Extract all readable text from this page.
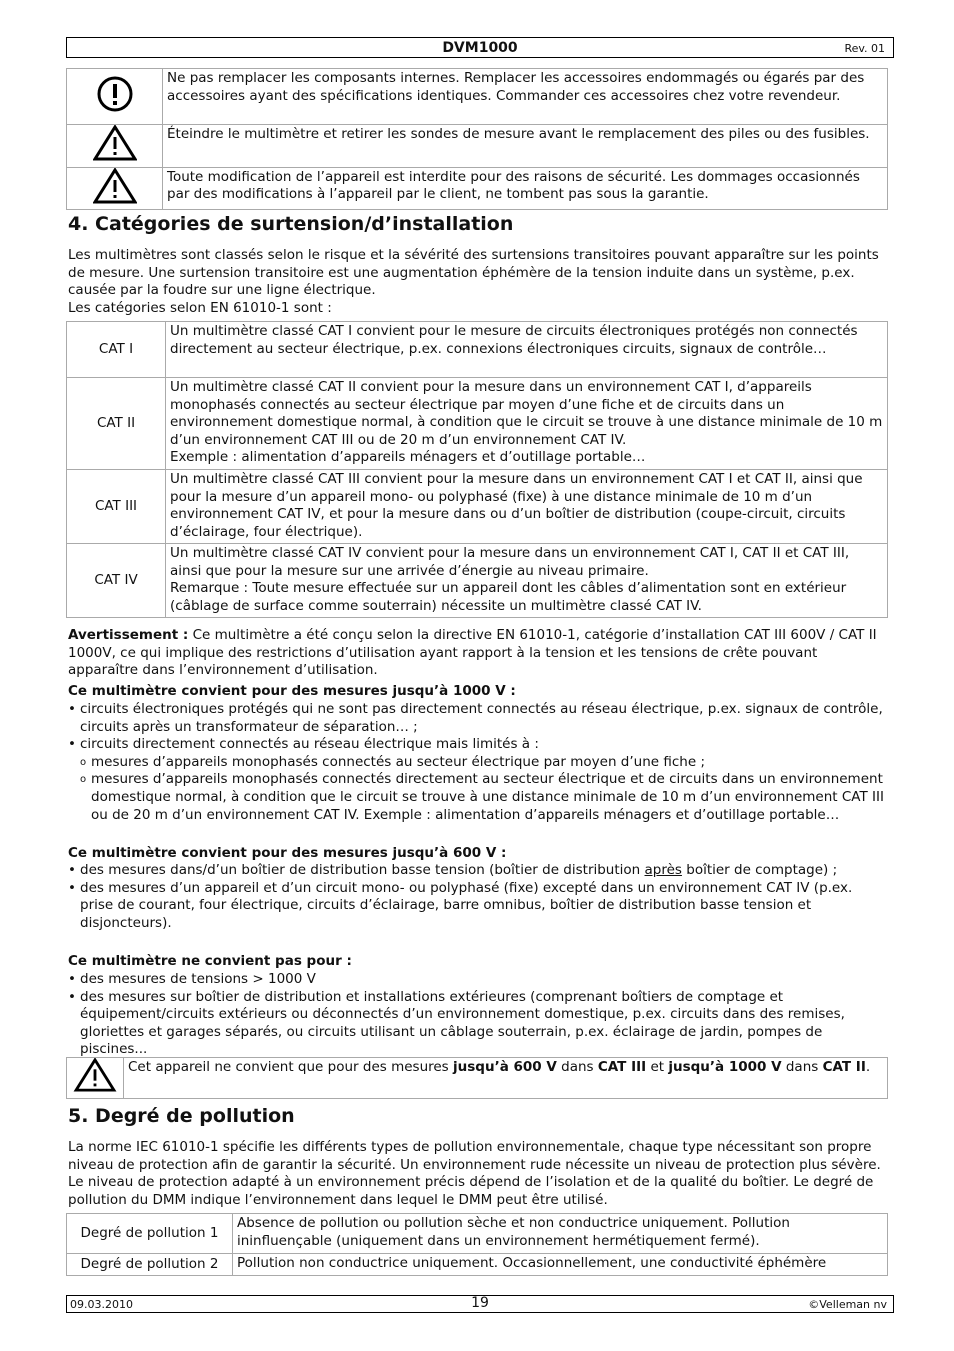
DVM1000	Rev. 01
	Ne pas remplacer les composants internes. Remplacer les accessoires endommagés ou égarés par des accessoires ayant des spécifications identiques. Commander ces accessoires chez votre revendeur.
	Éteindre le multimètre et retirer les sondes de mesure avant le remplacement des piles ou des fusibles.
	Toute modification de l’appareil est interdite pour des raisons de sécurité. Les dommages occasionnés par des modifications à l’appareil par le client, ne tombent pas sous la garantie.
4. Catégories de surtension/d’installation

Les multimètres sont classés selon le risque et la sévérité des surtensions transitoires pouvant apparaître sur les points de mesure. Une surtension transitoire est une augmentation éphémère de la tension induite dans un système, p.ex. causée par la foudre sur une ligne électrique.

Les catégories selon EN 61010-1 sont :

CAT I	Un multimètre classé CAT I convient pour le mesure de circuits électroniques protégés non connectés directement au secteur électrique, p.ex. connexions électroniques circuits, signaux de contrôle…
CAT II	Un multimètre classé CAT II convient pour la mesure dans un environnement CAT I, d’appareils monophasés connectés au secteur électrique par moyen d’une fiche et de circuits dans un environnement domestique normal, à condition que le circuit se trouve à une distance minimale de 10 m d’un environnement CAT III ou de 20 m d’un environnement CAT IV.
Exemple : alimentation d’appareils ménagers et d’outillage portable…
CAT III	Un multimètre classé CAT III convient pour la mesure dans un environnement CAT I et CAT II, ainsi que pour la mesure d’un appareil mono- ou polyphasé (fixe) à une distance minimale de 10 m d’un environnement CAT IV, et pour la mesure dans ou d’un boîtier de distribution (coupe-circuit, circuits d’éclairage, four électrique).
CAT IV	Un multimètre classé CAT IV convient pour la mesure dans un environnement CAT I, CAT II et CAT III, ainsi que pour la mesure sur une arrivée d’énergie au niveau primaire.
Remarque : Toute mesure effectuée sur un appareil dont les câbles d’alimentation sont en extérieur (câblage de surface comme souterrain) nécessite un multimètre classé CAT IV.

Avertissement : Ce multimètre a été conçu selon la directive EN 61010-1, catégorie d’installation CAT III 600V / CAT II 1000V, ce qui implique des restrictions d’utilisation ayant rapport à la tension et les tensions de crête pouvant apparaître dans l’environnement d’utilisation.

Ce multimètre convient pour des mesures jusqu’à 1000 V :

• circuits électroniques protégés qui ne sont pas directement connectés au réseau électrique, p.ex. signaux de contrôle, circuits après un transformateur de séparation… ;
• circuits directement connectés au réseau électrique mais limités à :
o mesures d’appareils monophasés connectés au secteur électrique par moyen d’une fiche ;
o mesures d’appareils monophasés connectés directement au secteur électrique et de circuits dans un environnement domestique normal, à condition que le circuit se trouve à une distance minimale de 10 m d’un environnement CAT III ou de 20 m d’un environnement CAT IV. Exemple : alimentation d’appareils ménagers et d’outillage portable…

Ce multimètre convient pour des mesures jusqu’à 600 V :

• des mesures dans/d’un boîtier de distribution basse tension (boîtier de distribution après boîtier de comptage) ;
• des mesures d’un appareil et d’un circuit mono- ou polyphasé (fixe) excepté dans un environnement CAT IV (p.ex. prise de courant, four électrique, circuits d’éclairage, barre omnibus, boîtier de distribution basse tension et disjoncteurs).

Ce multimètre ne convient pas pour :

• des mesures de tensions > 1000 V
• des mesures sur boîtier de distribution et installations extérieures (comprenant boîtiers de comptage et équipement/circuits extérieurs ou déconnectés d’un environnement domestique, p.ex. circuits dans des remises, gloriettes et garages séparés, ou circuits utilisant un câblage souterrain, p.ex. éclairage de jardin, pompes de piscines...
	Cet appareil ne convient que pour des mesures jusqu’à 600 V dans CAT III et jusqu’à 1000 V dans CAT II.
5. Degré de pollution

La norme IEC 61010-1 spécifie les différents types de pollution environnementale, chaque type nécessitant son propre niveau de protection afin de garantir la sécurité. Un environnement rude nécessite un niveau de protection plus sévère. Le niveau de protection adapté à un environnement précis dépend de l’isolation et de la qualité du boîtier. Le degré de pollution du DMM indique l’environnement dans lequel le DMM peut être utilisé.

Degré de pollution 1	Absence de pollution ou pollution sèche et non conductrice uniquement. Pollution ininfluençable (uniquement dans un environnement hermétiquement fermé).
Degré de pollution 2	Pollution non conductrice uniquement. Occasionnellement, une conductivité éphémère
09.03.2010	19	©Velleman nv
